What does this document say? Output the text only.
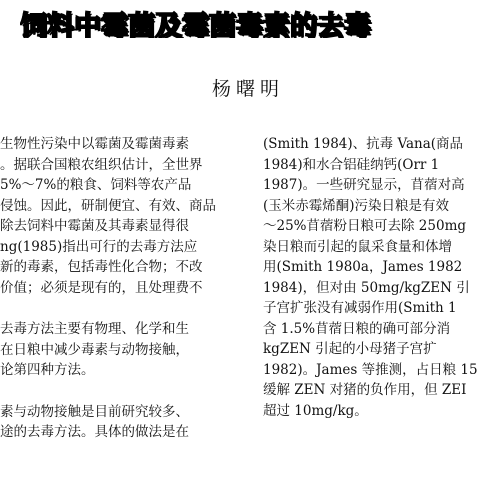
饲料中霉菌及霉菌毒素的去毒
杨曙明
生物性污染中以霉菌及霉菌毒素
。据联合国粮农组织估计，全世界
5%～7%的粮食、饲料等农产品
侵蚀。因此，研制便宜、有效、商品
除去饲料中霉菌及其毒素显得很
ng(1985)指出可行的去毒方法应
新的毒素，包括毒性化合物；不改
价值；必须是现有的，且处理费不
去毒方法主要有物理、化学和生
在日粮中减少毒素与动物接触，
论第四种方法。
素与动物接触是目前研究较多、
途的去毒方法。具体的做法是在
(Smith 1984)、抗毒 Vana(商品
1984)和水合铝硅纳钙(Orr 1
1987)。一些研究显示，苜蓿对高
(玉米赤霉烯酮)污染日粮是有效
～25%苜蓿粉日粮可去除 250mg
染日粮而引起的鼠采食量和体增
用(Smith 1980a，James 1982
1984)，但对由 50mg/kgZEN 引
子宫扩张没有减弱作用(Smith 1
含 1.5%苜蓿日粮的确可部分消
kgZEN 引起的小母猪子宫扩
1982)。James 等推测，占日粮 15
缓解 ZEN 对猪的负作用，但 ZEI
超过 10mg/kg。
